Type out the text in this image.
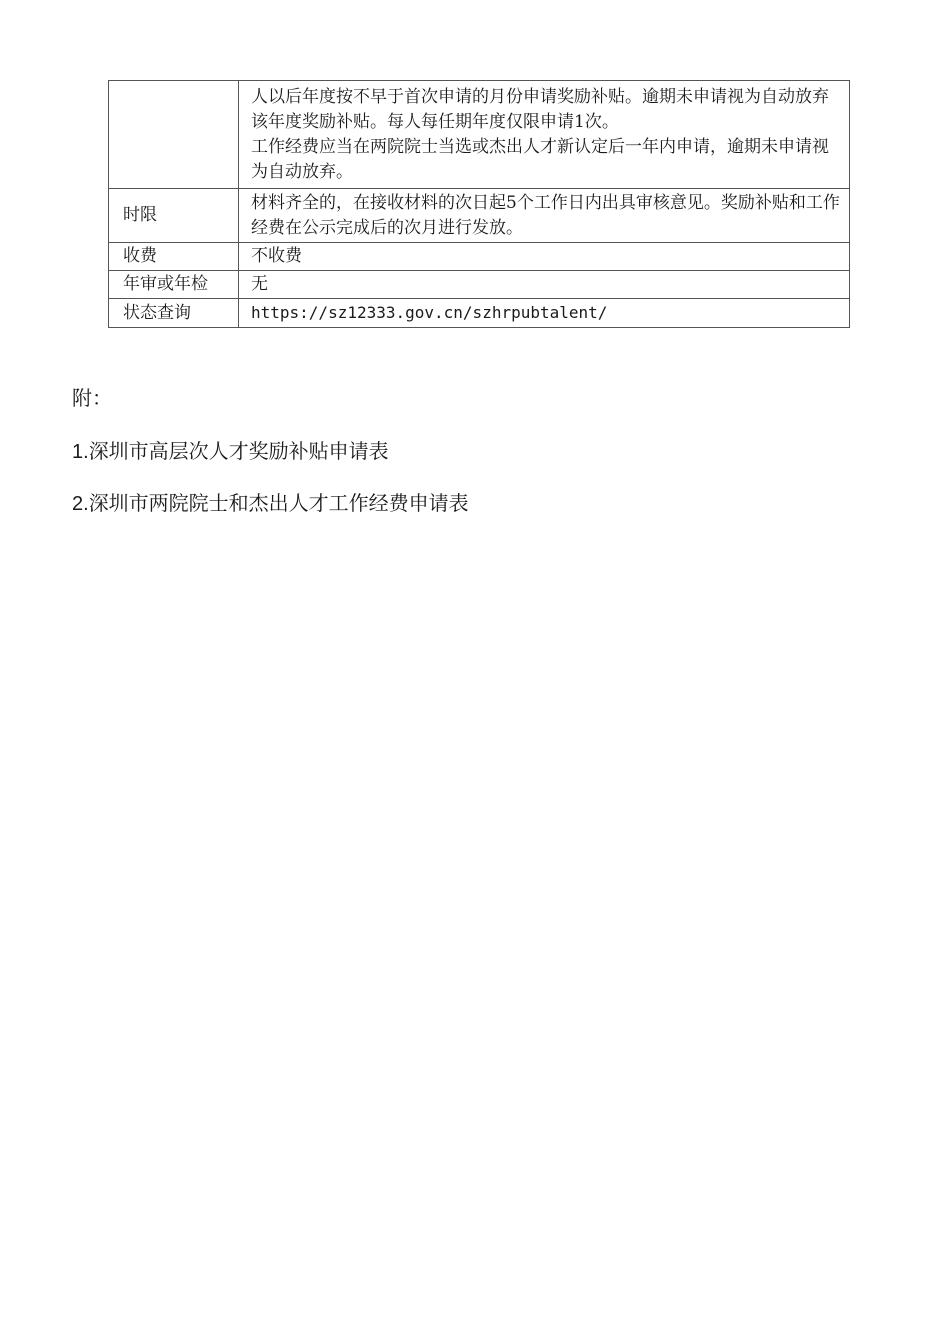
	人以后年度按不早于首次申请的月份申请奖励补贴。逾期未申请视为自动放弃该年度奖励补贴。每人每任期年度仅限申请1次。

工作经费应当在两院院士当选或杰出人才新认定后一年内申请，逾期未申请视为自动放弃。

时限	材料齐全的，在接收材料的次日起5个工作日内出具审核意见。奖励补贴和工作经费在公示完成后的次月进行发放。

收费	不收费

年审或年检	无

状态查询	https://sz12333.gov.cn/szhrpubtalent/
附：
1.深圳市高层次人才奖励补贴申请表
2.深圳市两院院士和杰出人才工作经费申请表
